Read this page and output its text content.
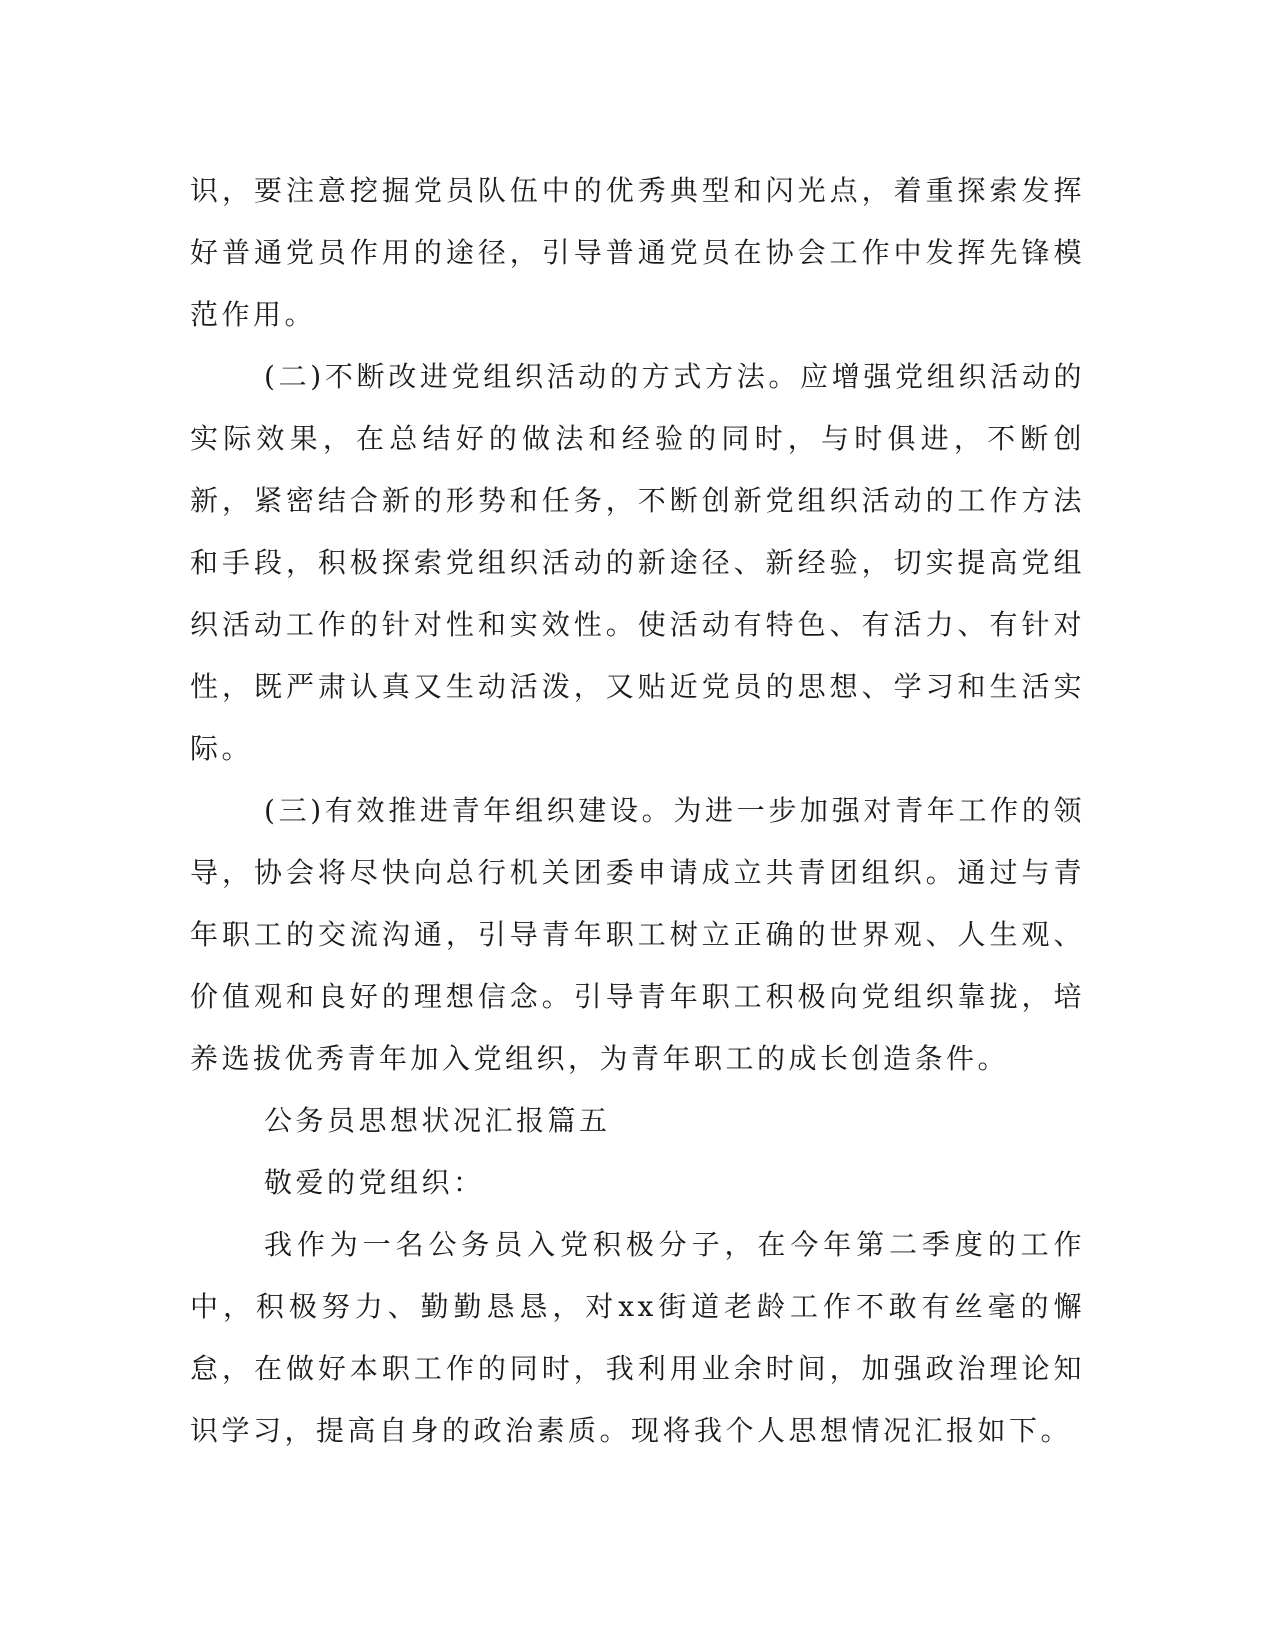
识，要注意挖掘党员队伍中的优秀典型和闪光点，着重探索发挥好普通党员作用的途径，引导普通党员在协会工作中发挥先锋模范作用。

(二)不断改进党组织活动的方式方法。应增强党组织活动的实际效果，在总结好的做法和经验的同时，与时俱进，不断创新，紧密结合新的形势和任务，不断创新党组织活动的工作方法和手段，积极探索党组织活动的新途径、新经验，切实提高党组织活动工作的针对性和实效性。使活动有特色、有活力、有针对性，既严肃认真又生动活泼，又贴近党员的思想、学习和生活实际。

(三)有效推进青年组织建设。为进一步加强对青年工作的领导，协会将尽快向总行机关团委申请成立共青团组织。通过与青年职工的交流沟通，引导青年职工树立正确的世界观、人生观、价值观和良好的理想信念。引导青年职工积极向党组织靠拢，培养选拔优秀青年加入党组织，为青年职工的成长创造条件。

公务员思想状况汇报篇五

敬爱的党组织：

我作为一名公务员入党积极分子，在今年第二季度的工作中，积极努力、勤勤恳恳，对xx街道老龄工作不敢有丝毫的懈怠，在做好本职工作的同时，我利用业余时间，加强政治理论知识学习，提高自身的政治素质。现将我个人思想情况汇报如下。
